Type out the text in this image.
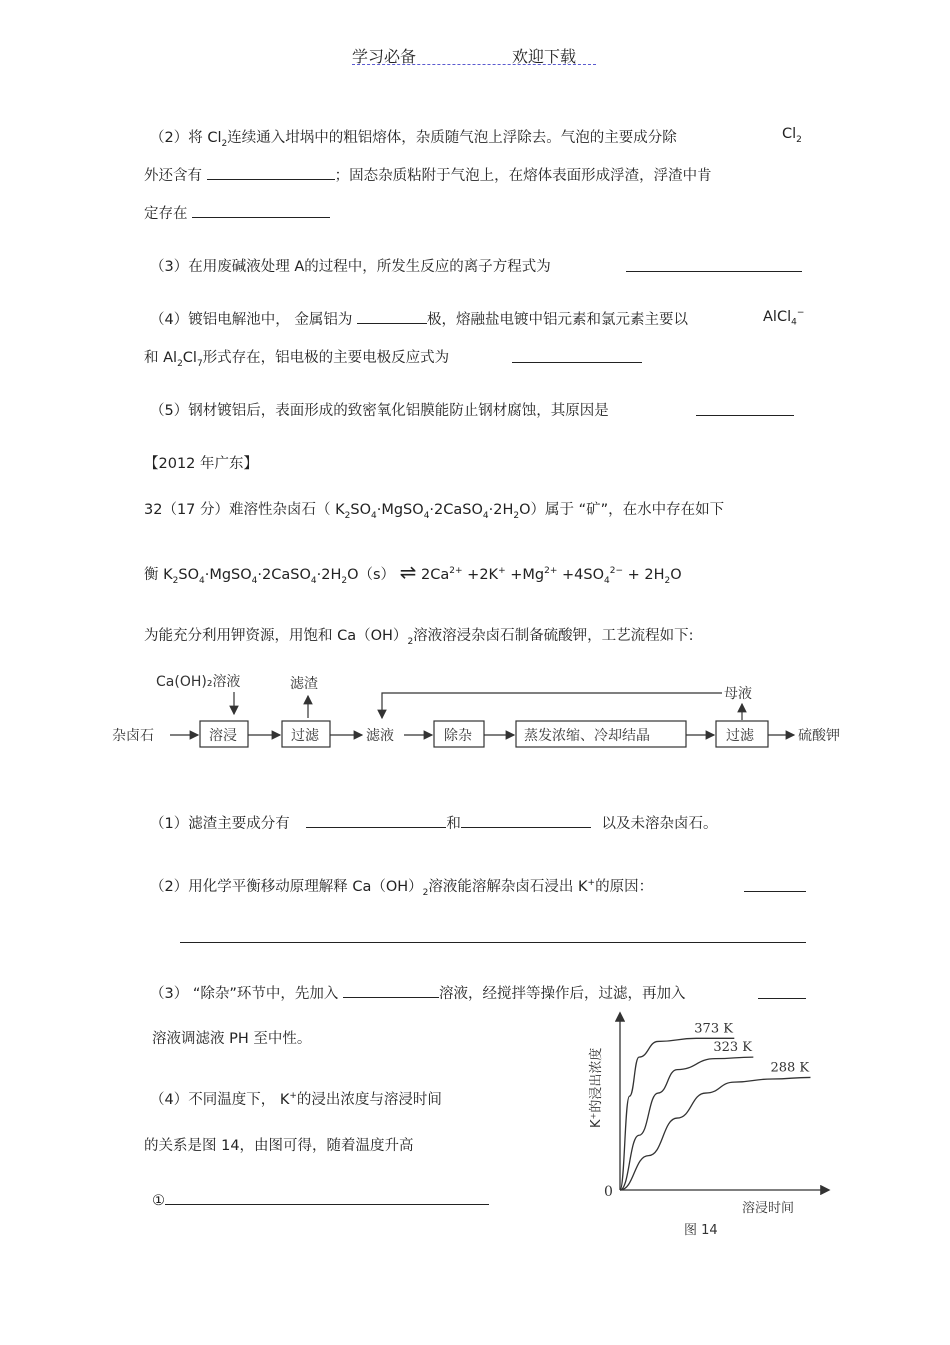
学习必备	欢迎下载
（2）将 $Cl_2$连续通入坩埚中的粗铝熔体，杂质随气泡上浮除去。气泡的主要成分除	$Cl_2$
外还含有	；固态杂质粘附于气泡上，在熔体表面形成浮渣，浮渣中肯
定存在
（3）在用废碱液处理 A的过程中，所发生反应的离子方程式为
（4）镀铝电解池中， 金属铝为	极，熔融盐电镀中铝元素和氯元素主要以	AlCl$_4$−
和 $Al_2Cl_7$形式存在，铝电极的主要电极反应式为
（5）钢材镀铝后，表面形成的致密氧化铝膜能防止钢材腐蚀，其原因是
【2012 年广东】
32（17 分）难溶性杂卤石（ $K_2SO_4\cdot MgSO_4\cdot 2CaSO_4\cdot 2H_2O$）属于 “矿”，在水中存在如下
衡 $K_2SO_4\cdot MgSO_4\cdot 2CaSO_4\cdot 2H_2O(s)$ ⇌ $2Ca^{2+} +2K^+ +Mg^{2+} +4SO_4^{2-} + 2H_2O$
为能充分利用钾资源，用饱和 $Ca(OH)_2$溶液溶浸杂卤石制备硫酸钾，工艺流程如下:
Ca(OH)₂溶液	滤渣
杂卤石	溶浸	过滤	滤液	除杂	蒸发浓缩、冷却结晶	过滤	硫酸钾
母液
（1）滤渣主要成分有	和	以及未溶杂卤石。
（2）用化学平衡移动原理解释 $Ca(OH)_2$溶液能溶解杂卤石浸出 K+的原因：
（3） “除杂”环节中，先加入	溶液，经搅拌等操作后，过滤，再加入
溶液调滤液 PH 至中性。
（4）不同温度下， K+的浸出浓度与溶浸时间
的关系是图 14，由图可得，随着温度升高
①
0
K⁺的浸出浓度
溶浸时间
图 14
373 K
323 K
288 K
